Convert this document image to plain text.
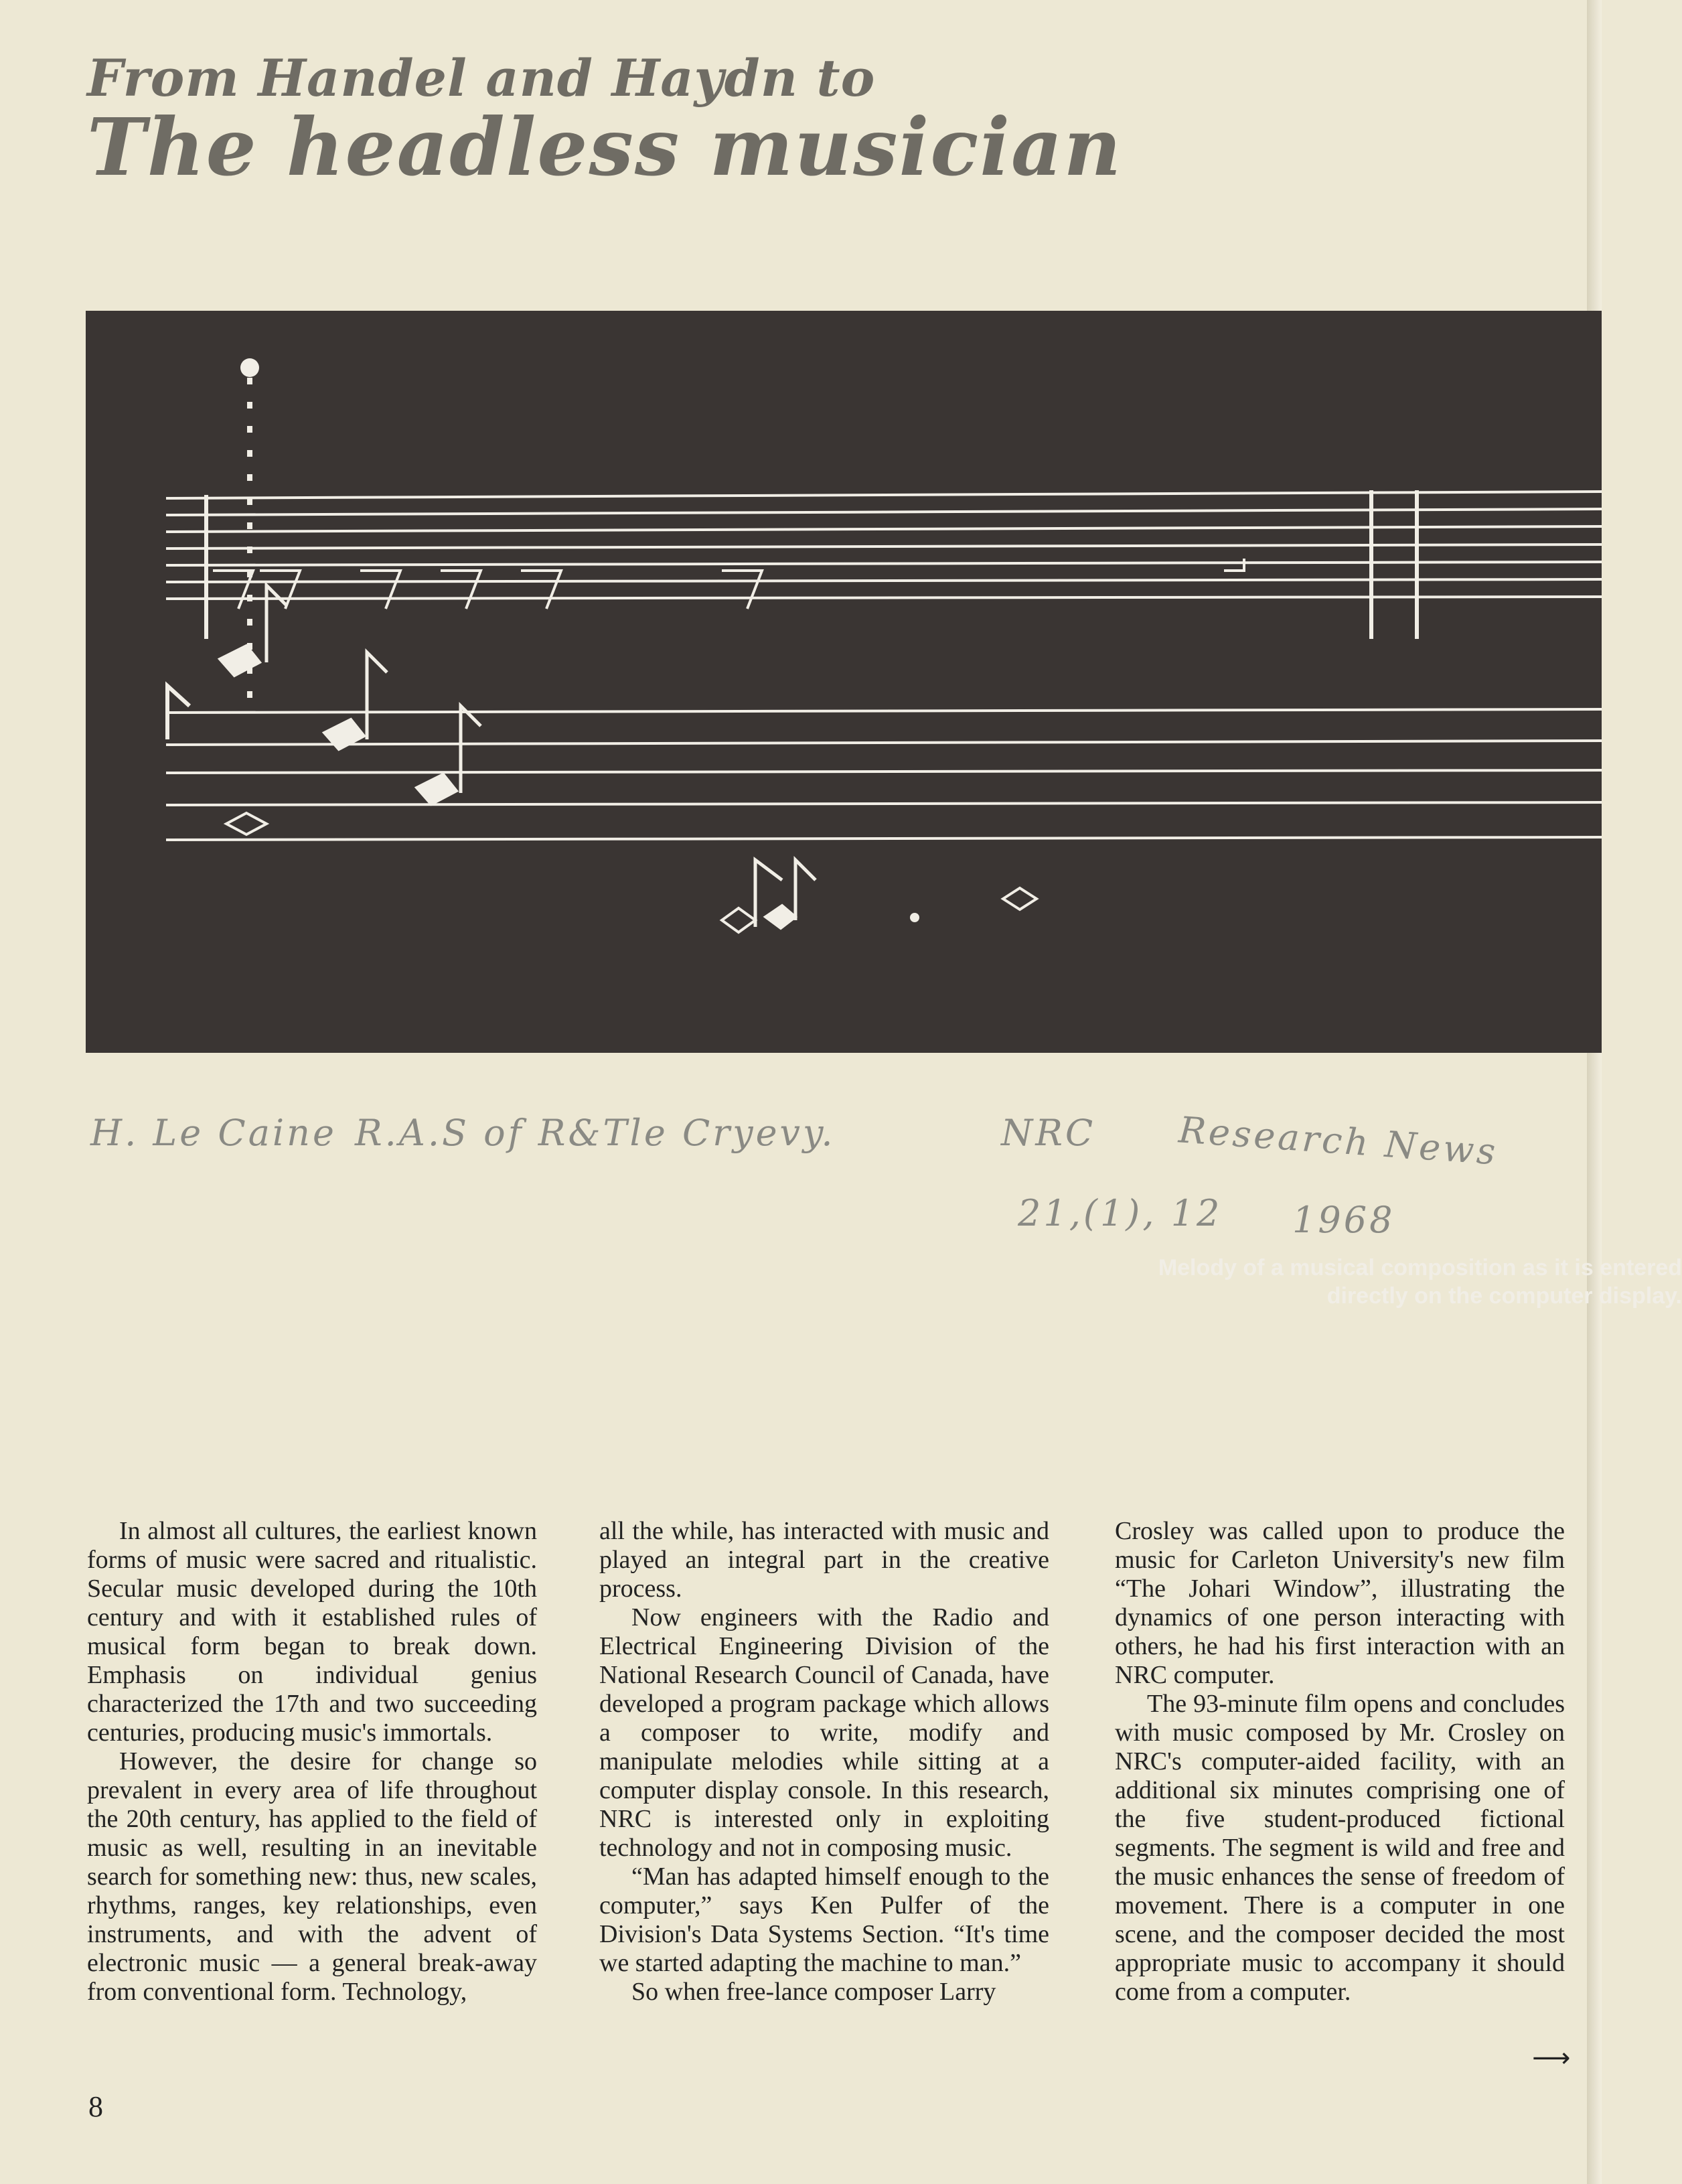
From Handel and Haydn to
The headless musician
Melody of a musical composition as it is entered directly on the computer display.
H. Le Caine R.A.S of R&Tle Cryevy.	NRC Research News
21,(1), 12 1968

In almost all cultures, the earliest known forms of music were sacred and ritualistic. Secular music developed during the 10th century and with it established rules of musical form began to break down. Emphasis on individual genius characterized the 17th and two succeeding centuries, producing music's immortals.

However, the desire for change so prevalent in every area of life throughout the 20th century, has applied to the field of music as well, resulting in an inevitable search for something new: thus, new scales, rhythms, ranges, key relationships, even instruments, and with the advent of electronic music — a general break-away from conventional form. Technology,

all the while, has interacted with music and played an integral part in the creative process.

Now engineers with the Radio and Electrical Engineering Division of the National Research Council of Canada, have developed a program package which allows a composer to write, modify and manipulate melodies while sitting at a computer display console. In this research, NRC is interested only in exploiting technology and not in composing music.

“Man has adapted himself enough to the computer,” says Ken Pulfer of the Division's Data Systems Section. “It's time we started adapting the machine to man.”

So when free-lance composer Larry

Crosley was called upon to produce the music for Carleton University's new film “The Johari Window”, illustrating the dynamics of one person interacting with others, he had his first interaction with an NRC computer.

The 93-minute film opens and concludes with music composed by Mr. Crosley on NRC's computer-aided facility, with an additional six minutes comprising one of the five student-produced fictional segments. The segment is wild and free and the music enhances the sense of freedom of movement. There is a computer in one scene, and the composer decided the most appropriate music to accompany it should come from a computer.

⟶
8
